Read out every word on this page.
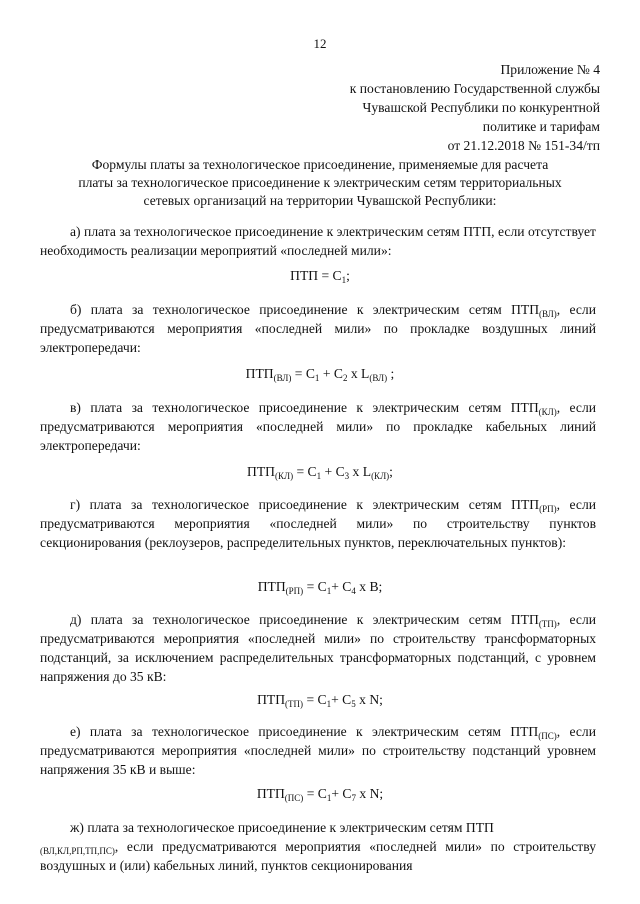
12
Приложение № 4
к постановлению Государственной службы
Чувашской Республики по конкурентной
политике и тарифам
от 21.12.2018 № 151-34/тп
Формулы платы за технологическое присоединение, применяемые для расчета
платы за технологическое присоединение к электрическим сетям территориальных
сетевых организаций на территории Чувашской Республики:
а) плата за технологическое присоединение к электрическим сетям ПТП, если отсутствует необходимость реализации мероприятий «последней мили»:
ПТП = $С_1$;
б) плата за технологическое присоединение к электрическим сетям $ПТП_{(ВЛ)}$, если предусматриваются мероприятия «последней мили» по прокладке воздушных линий электропередачи:
$ПТП_{(ВЛ)} = С_1 + С_2$ х $L_{(ВЛ)}$ ;
в) плата за технологическое присоединение к электрическим сетям $ПТП_{(КЛ)}$, если предусматриваются мероприятия «последней мили» по прокладке кабельных линий электропередачи:
$ПТП_{(КЛ)} = С_1 + С_3$ х $L_{(КЛ)}$;
г) плата за технологическое присоединение к электрическим сетям $ПТП_{(РП)}$, если предусматриваются мероприятия «последней мили» по строительству пунктов секционирования (реклоузеров, распределительных пунктов, переключательных пунктов):
$ПТП_{(РП)} = С_1+ С_4$ х В;
д) плата за технологическое присоединение к электрическим сетям $ПТП_{(ТП)}$, если предусматриваются мероприятия «последней мили» по строительству трансформаторных подстанций, за исключением распределительных трансформаторных подстанций, с уровнем напряжения до 35 кВ:
$ПТП_{(ТП)} = С_1+ С_5$ х N;
е) плата за технологическое присоединение к электрическим сетям $ПТП_{(ПС)}$, если предусматриваются мероприятия «последней мили» по строительству подстанций уровнем напряжения 35 кВ и выше:
$ПТП_{(ПС)} = С_1+ С_7$ х N;
ж) плата за технологическое присоединение к электрическим сетям ПТП
$_{(ВЛ,КЛ,РП,ТП,ПС)}$, если предусматриваются мероприятия «последней мили» по строительству воздушных и (или) кабельных линий, пунктов секционирования
